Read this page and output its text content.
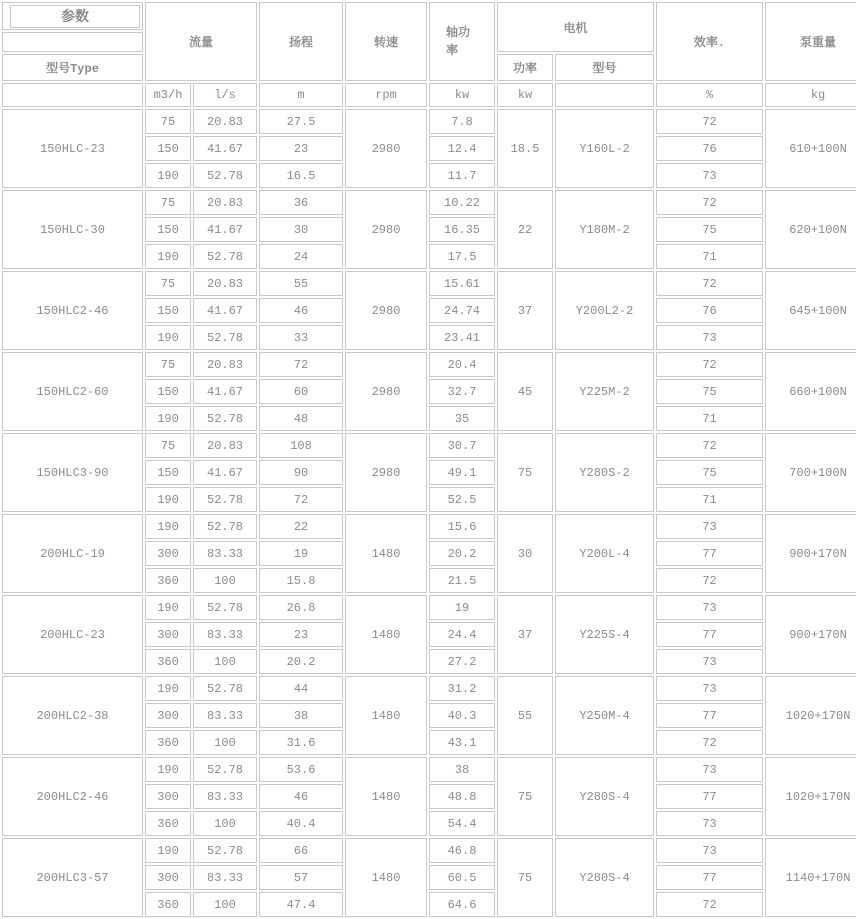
参数	流量		扬程	转速	轴功率	电机		效率.	泵重量

型号Type						功率	型号		
	m3/h	l/s	m	rpm	kw	kw		%	kg
150HLC-23	75	20.83	27.5	2980	7.8	18.5	Y160L-2	72	610+100N
	150	41.67	23		12.4			76	
	190	52.78	16.5		11.7			73	
150HLC-30	75	20.83	36	2980	10.22	22	Y180M-2	72	620+100N
	150	41.67	30		16.35			75	
	190	52.78	24		17.5			71	
150HLC2-46	75	20.83	55	2980	15.61	37	Y200L2-2	72	645+100N
	150	41.67	46		24.74			76	
	190	52.78	33		23.41			73	
150HLC2-60	75	20.83	72	2980	20.4	45	Y225M-2	72	660+100N
	150	41.67	60		32.7			75	
	190	52.78	48		35			71	
150HLC3-90	75	20.83	108	2980	30.7	75	Y280S-2	72	700+100N
	150	41.67	90		49.1			75	
	190	52.78	72		52.5			71	
200HLC-19	190	52.78	22	1480	15.6	30	Y200L-4	73	900+170N
	300	83.33	19		20.2			77	
	360	100	15.8		21.5			72	
200HLC-23	190	52.78	26.8	1480	19	37	Y225S-4	73	900+170N
	300	83.33	23		24.4			77	
	360	100	20.2		27.2			73	
200HLC2-38	190	52.78	44	1480	31.2	55	Y250M-4	73	1020+170N
	300	83.33	38		40.3			77	
	360	100	31.6		43.1			72	
200HLC2-46	190	52.78	53.6	1480	38	75	Y280S-4	73	1020+170N
	300	83.33	46		48.8			77	
	360	100	40.4		54.4			73	
200HLC3-57	190	52.78	66	1480	46.8	75	Y280S-4	73	1140+170N
	300	83.33	57		60.5			77	
	360	100	47.4		64.6			72	
